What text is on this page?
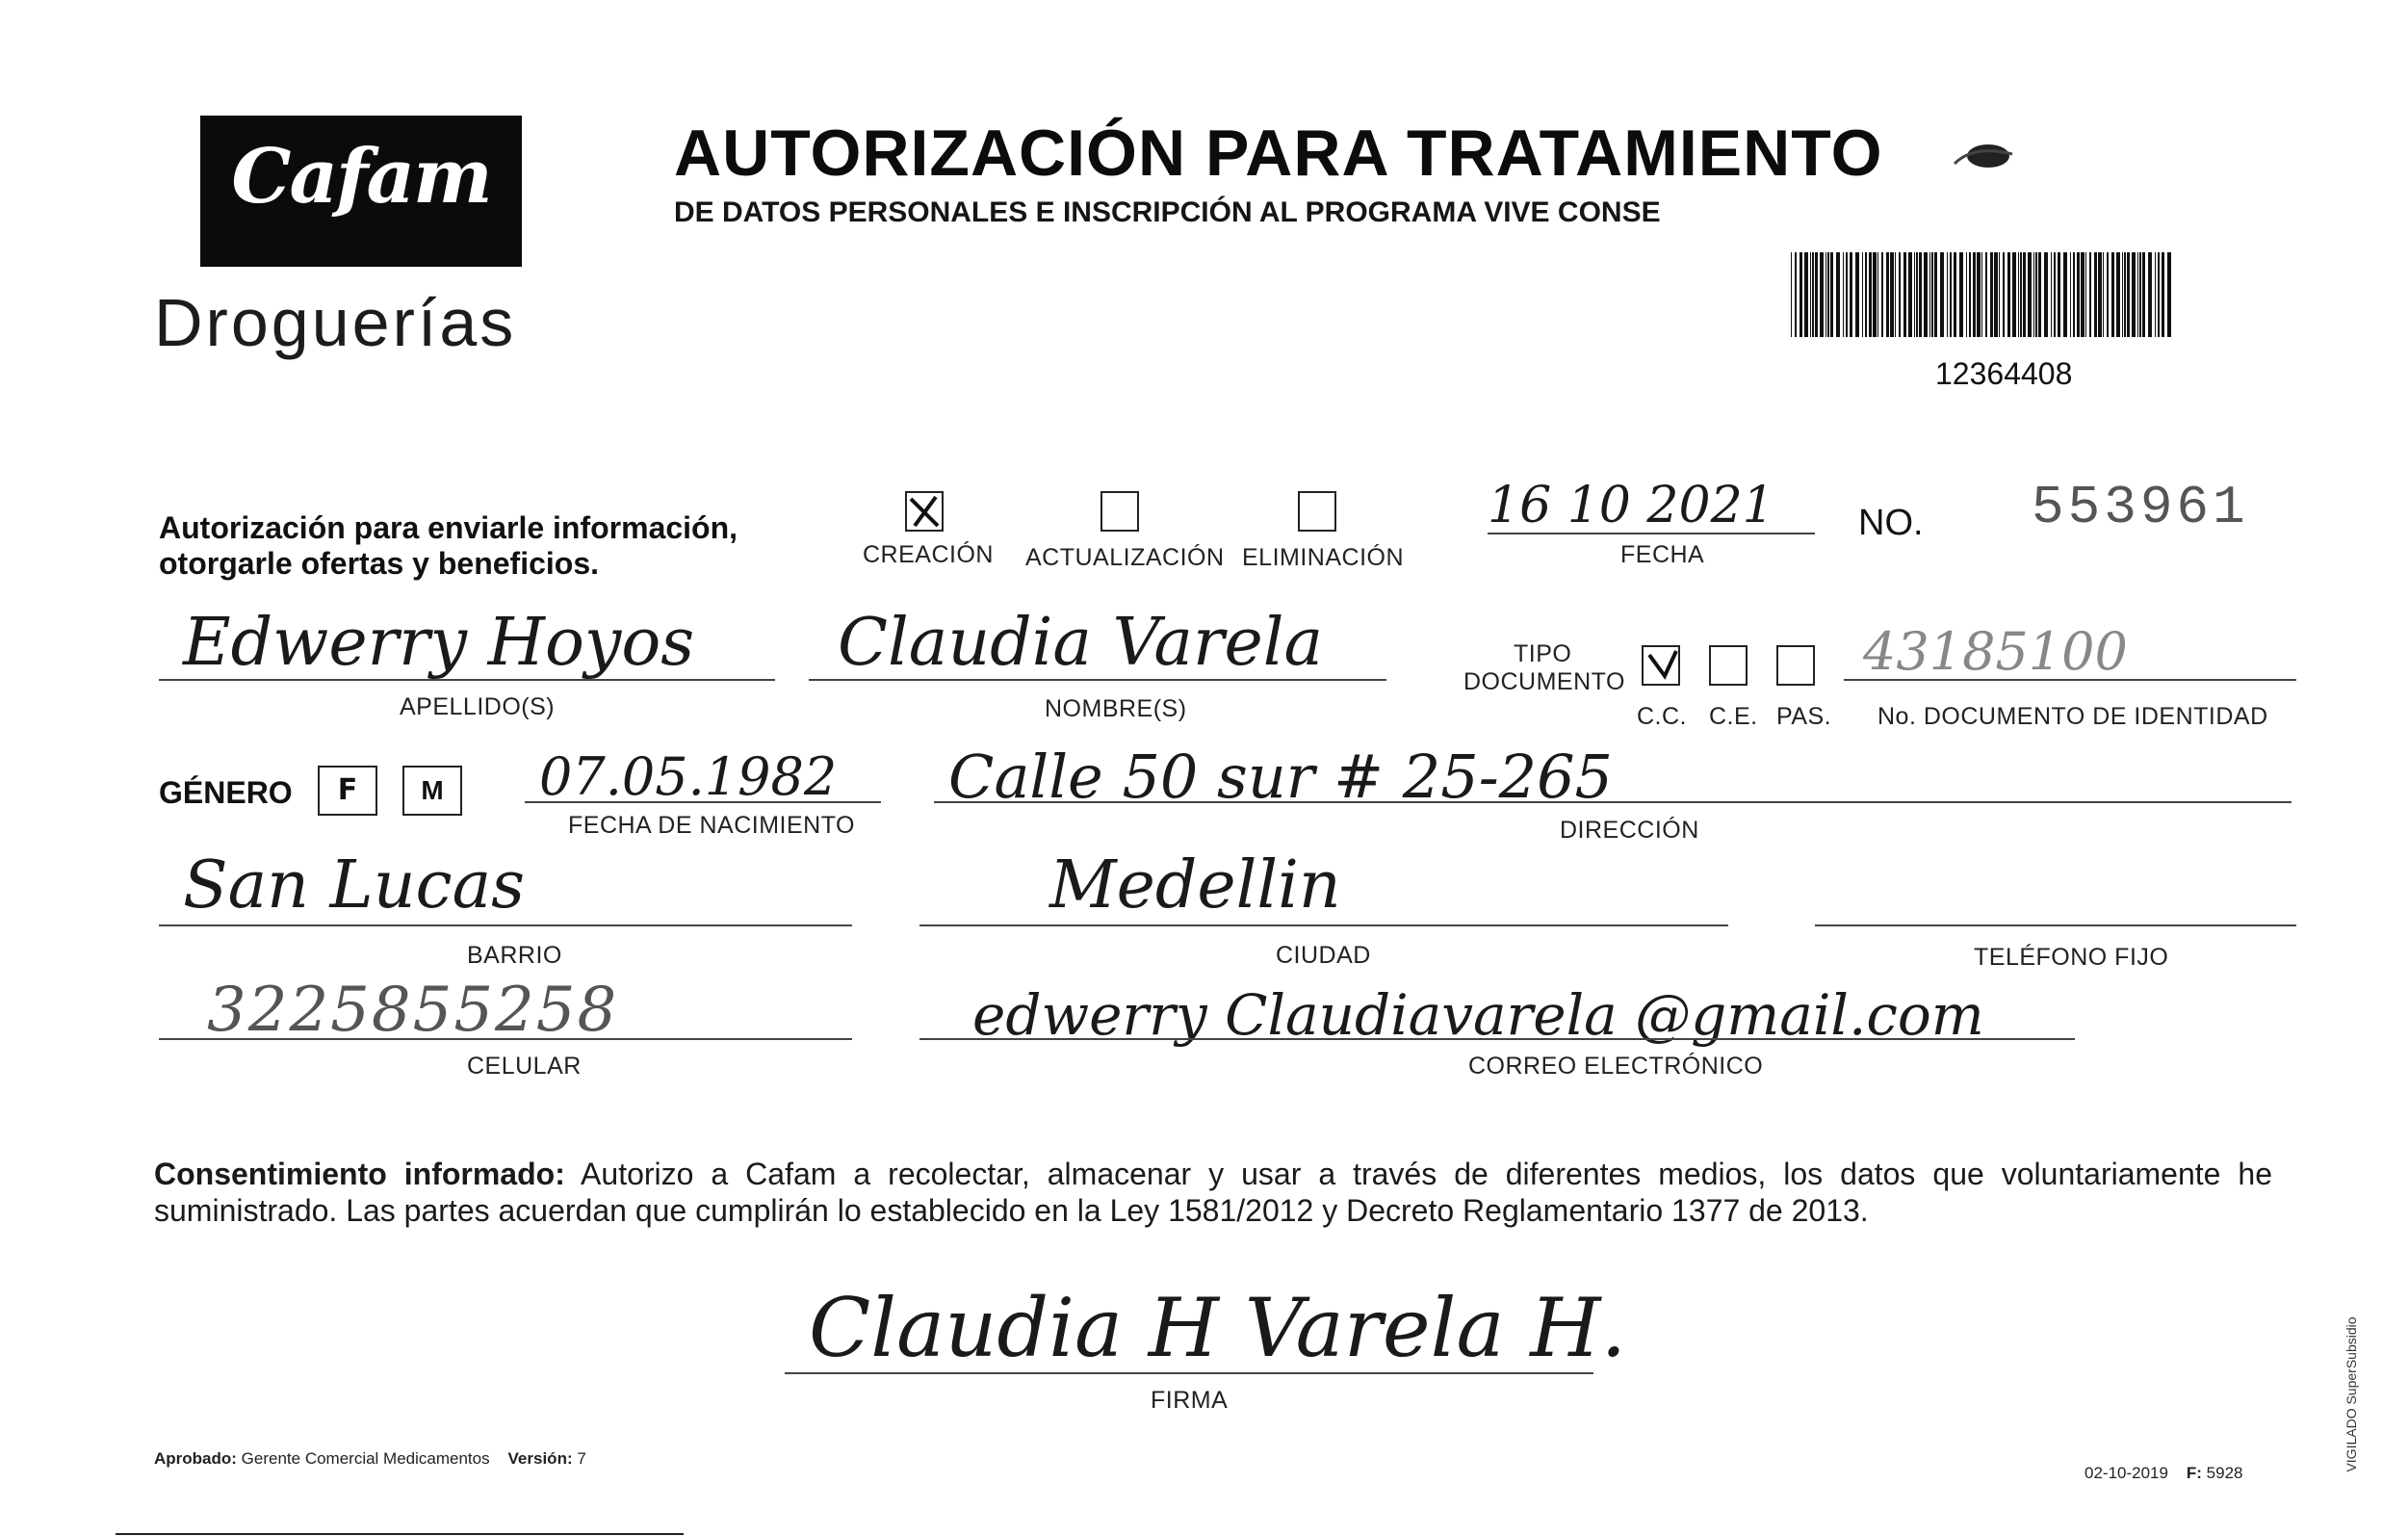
Cafam
Droguerías
AUTORIZACIÓN PARA TRATAMIENTO
DE DATOS PERSONALES E INSCRIPCIÓN AL PROGRAMA VIVE CONSE
12364408
Autorización para enviarle información,
otorgarle ofertas y beneficios.	CREACIÓN ACTUALIZACIÓN ELIMINACIÓN
16 10 2021
FECHA
NO. 553961
Edwerry Hoyos
APELLIDO(S)
Claudia Varela
NOMBRE(S)
TIPO
DOCUMENTO
C.C. C.E. PAS.
43185100
No. DOCUMENTO DE IDENTIDAD
GÉNERO	F	M	07.05.1982
FECHA DE NACIMIENTO
Calle 50 sur # 25-265
DIRECCIÓN
San Lucas
BARRIO
Medellin
CIUDAD	TELÉFONO FIJO
3225855258
CELULAR
edwerry Claudiavarela @gmail.com
CORREO ELECTRÓNICO
Consentimiento informado: Autorizo a Cafam a recolectar, almacenar y usar a través de diferentes medios, los datos que voluntariamente he suministrado. Las partes acuerdan que cumplirán lo establecido en la Ley 1581/2012 y Decreto Reglamentario 1377 de 2013.
Claudia H Varela H.
FIRMA
Aprobado: Gerente Comercial Medicamentos Versión: 7
02-10-2019 F: 5928
VIGILADO SuperSubsidio
